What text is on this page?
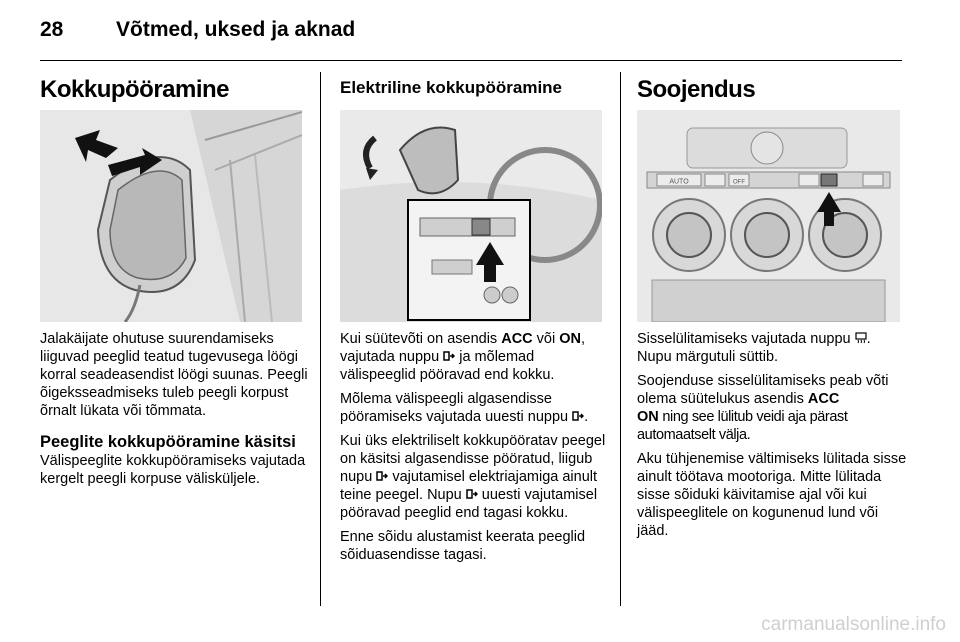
28	Võtmed, uksed ja aknad
Kokkupööramine

Jalakäijate ohutuse suurendamiseks liiguvad peeglid teatud tugevusega löögi korral seadeasendist löögi suunas. Peegli õigeksseadmiseks tuleb peegli korpust õrnalt lükata või tõmmata.

Peeglite kokkupööramine käsitsi

Välispeeglite kokkupööramiseks vajutada kergelt peegli korpuse välisküljele.

Elektriline kokkupööramine

Kui süütevõti on asendis ACC või ON, vajutada nuppu  ja mõlemad välispeeglid pööravad end kokku.

Mõlema välispeegli algasendisse pööramiseks vajutada uuesti nuppu .

Kui üks elektriliselt kokkupööratav peegel on käsitsi algasendisse pööratud, liigub nupu  vajutamisel elektriajamiga ainult teine peegel. Nupu  uuesti vajutamisel pööravad peeglid end tagasi kokku.

Enne sõidu alustamist keerata peeglid sõiduasendisse tagasi.

Soojendus
AUTO	OFF

Sisselülitamiseks vajutada nuppu . Nupu märgutuli süttib.

Soojenduse sisselülitamiseks peab võti olema süütelukus asendis ACC
ON ning see lülitub veidi aja pärast automaatselt välja.

Aku tühjenemise vältimiseks lülitada sisse ainult töötava mootoriga. Mitte lülitada sisse sõiduki käivitamise ajal või kui välispeeglitele on kogunenud lund või jääd.

carmanualsonline.info
